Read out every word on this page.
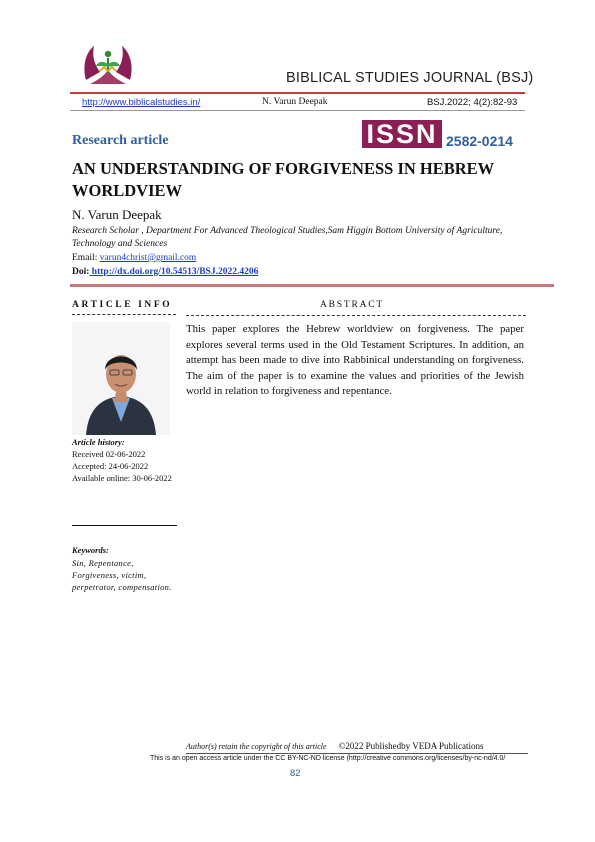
BIBLICAL STUDIES JOURNAL (BSJ)
http://www.biblicalstudies.in/	N. Varun Deepak	BSJ.2022; 4(2):82-93
Research article	ISSN 2582-0214
AN UNDERSTANDING OF FORGIVENESS IN HEBREW WORLDVIEW
N. Varun Deepak
Research Scholar , Department For Advanced Theological Studies,Sam Higgin Bottom University of Agriculture, Technology and Sciences
Email: varun4christ@gmail.com
Doi: http://dx.doi.org/10.54513/BSJ.2022.4206
ARTICLE INFO	ABSTRACT
Article history:
Received 02-06-2022
Accepted: 24-06-2022
Available online: 30-06-2022
Keywords:
Sin, Repentance, Forgiveness, victim, perpetrator, compensation.
This paper explores the Hebrew worldview on forgiveness. The paper explores several terms used in the Old Testament Scriptures. In addition, an attempt has been made to dive into Rabbinical understanding on forgiveness. The aim of the paper is to examine the values and priorities of the Jewish world in relation to forgiveness and repentance.
Author(s) retain the copyright of this article ©2022 Publishedby VEDA Publications
This is an open access article under the CC BY-NC-ND license (http://creative commons.org/licenses/by-nc-nd/4.0/
82
